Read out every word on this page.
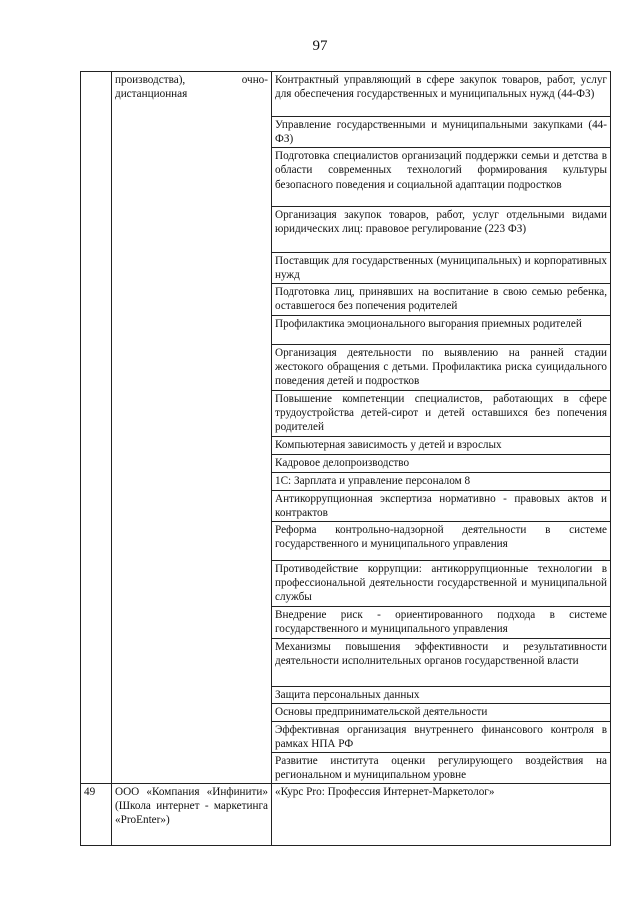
97
	производства), очно-дистанционная	Контрактный управляющий в сфере закупок товаров, работ, услуг для обеспечения государственных и муниципальных нужд (44-ФЗ)
		Управление государственными и муниципальными закупками (44-ФЗ)
		Подготовка специалистов организаций поддержки семьи и детства в области современных технологий формирования культуры безопасного поведения и социальной адаптации подростков
		Организация закупок товаров, работ, услуг отдельными видами юридических лиц: правовое регулирование (223 ФЗ)
		Поставщик для государственных (муниципальных) и корпоративных нужд
		Подготовка лиц, принявших на воспитание в свою семью ребенка, оставшегося без попечения родителей
		Профилактика эмоционального выгорания приемных родителей
		Организация деятельности по выявлению на ранней стадии жестокого обращения с детьми. Профилактика риска суицидального поведения детей и подростков
		Повышение компетенции специалистов, работающих в сфере трудоустройства детей-сирот и детей оставшихся без попечения родителей
		Компьютерная зависимость у детей и взрослых
		Кадровое делопроизводство
		1С: Зарплата и управление персоналом 8
		Антикоррупционная экспертиза нормативно - правовых актов и контрактов
		Реформа контрольно-надзорной деятельности в системе государственного и муниципального управления
		Противодействие коррупции: антикоррупционные технологии в профессиональной деятельности государственной и муниципальной службы
		Внедрение риск - ориентированного подхода в системе государственного и муниципального управления
		Механизмы повышения эффективности и результативности деятельности исполнительных органов государственной власти
		Защита персональных данных
		Основы предпринимательской деятельности
		Эффективная организация внутреннего финансового контроля в рамках НПА РФ
		Развитие института оценки регулирующего воздействия на региональном и муниципальном уровне
49	ООО «Компания «Инфинити» (Школа интернет - маркетинга «ProEnter»)	«Курс Pro: Профессия Интернет-Маркетолог»
